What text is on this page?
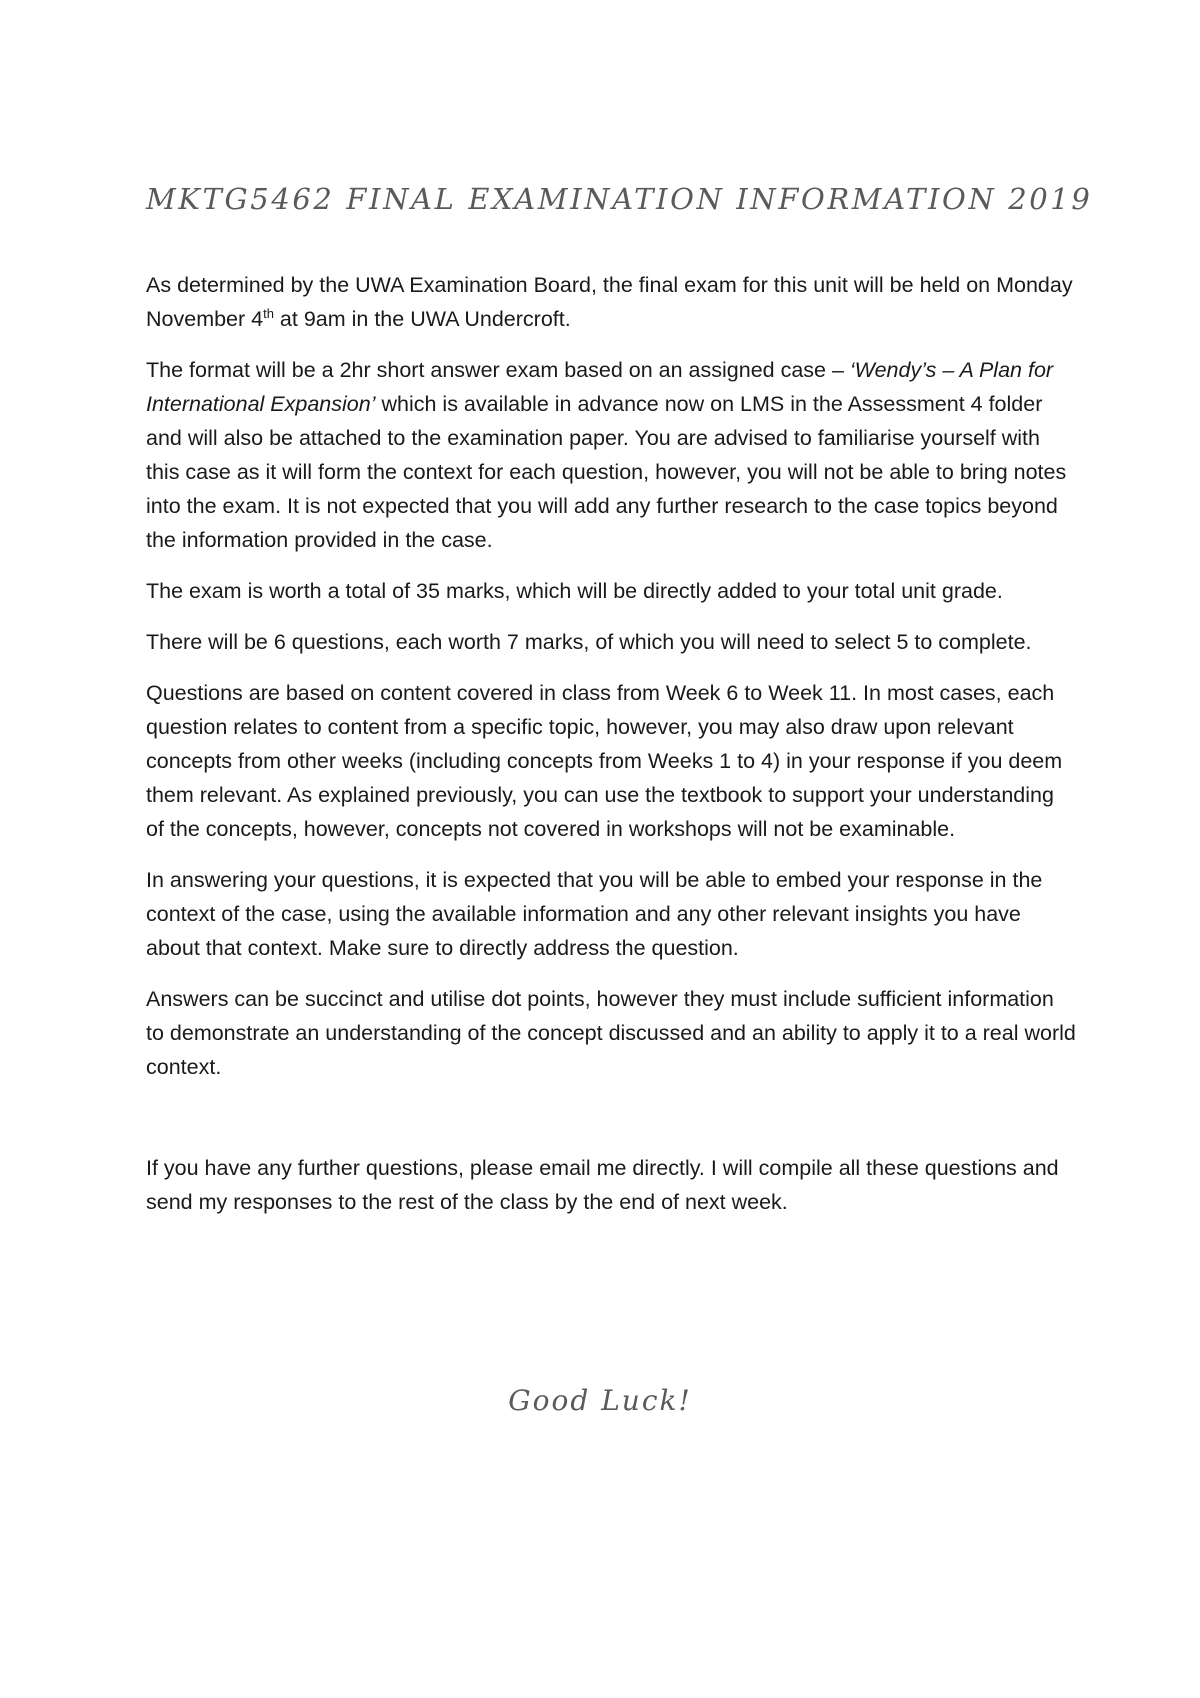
MKTG5462 FINAL EXAMINATION INFORMATION 2019

As determined by the UWA Examination Board, the final exam for this unit will be held on Monday November 4th at 9am in the UWA Undercroft.

The format will be a 2hr short answer exam based on an assigned case – ‘Wendy’s – A Plan for International Expansion’ which is available in advance now on LMS in the Assessment 4 folder and will also be attached to the examination paper. You are advised to familiarise yourself with this case as it will form the context for each question, however, you will not be able to bring notes into the exam. It is not expected that you will add any further research to the case topics beyond the information provided in the case.

The exam is worth a total of 35 marks, which will be directly added to your total unit grade.

There will be 6 questions, each worth 7 marks, of which you will need to select 5 to complete.

Questions are based on content covered in class from Week 6 to Week 11. In most cases, each question relates to content from a specific topic, however, you may also draw upon relevant concepts from other weeks (including concepts from Weeks 1 to 4) in your response if you deem them relevant. As explained previously, you can use the textbook to support your understanding of the concepts, however, concepts not covered in workshops will not be examinable.

In answering your questions, it is expected that you will be able to embed your response in the context of the case, using the available information and any other relevant insights you have about that context. Make sure to directly address the question.

Answers can be succinct and utilise dot points, however they must include sufficient information to demonstrate an understanding of the concept discussed and an ability to apply it to a real world context.

If you have any further questions, please email me directly. I will compile all these questions and send my responses to the rest of the class by the end of next week.

Good Luck!
